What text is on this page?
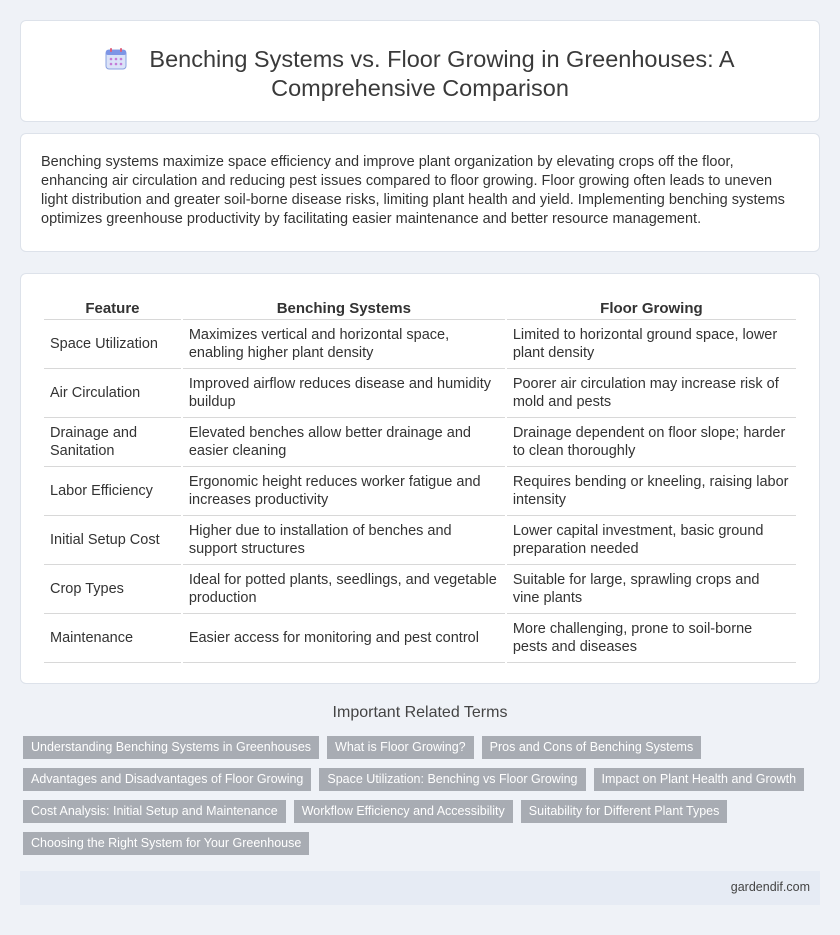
Benching Systems vs. Floor Growing in Greenhouses: A
Comprehensive Comparison

Benching systems maximize space efficiency and improve plant organization by elevating crops off the floor, enhancing air circulation and reducing pest issues compared to floor growing. Floor growing often leads to uneven light distribution and greater soil-borne disease risks, limiting plant health and yield. Implementing benching systems optimizes greenhouse productivity by facilitating easier maintenance and better resource management.

Feature	Benching Systems	Floor Growing
Space Utilization	Maximizes vertical and horizontal space, enabling higher plant density	Limited to horizontal ground space, lower plant density
Air Circulation	Improved airflow reduces disease and humidity buildup	Poorer air circulation may increase risk of mold and pests
Drainage and Sanitation	Elevated benches allow better drainage and easier cleaning	Drainage dependent on floor slope; harder to clean thoroughly
Labor Efficiency	Ergonomic height reduces worker fatigue and increases productivity	Requires bending or kneeling, raising labor intensity
Initial Setup Cost	Higher due to installation of benches and support structures	Lower capital investment, basic ground preparation needed
Crop Types	Ideal for potted plants, seedlings, and vegetable production	Suitable for large, sprawling crops and vine plants
Maintenance	Easier access for monitoring and pest control	More challenging, prone to soil-borne pests and diseases
Important Related Terms
Understanding Benching Systems in Greenhouses	What is Floor Growing?	Pros and Cons of Benching Systems
Advantages and Disadvantages of Floor Growing	Space Utilization: Benching vs Floor Growing	Impact on Plant Health and Growth
Cost Analysis: Initial Setup and Maintenance	Workflow Efficiency and Accessibility	Suitability for Different Plant Types
Choosing the Right System for Your Greenhouse
gardendif.com
